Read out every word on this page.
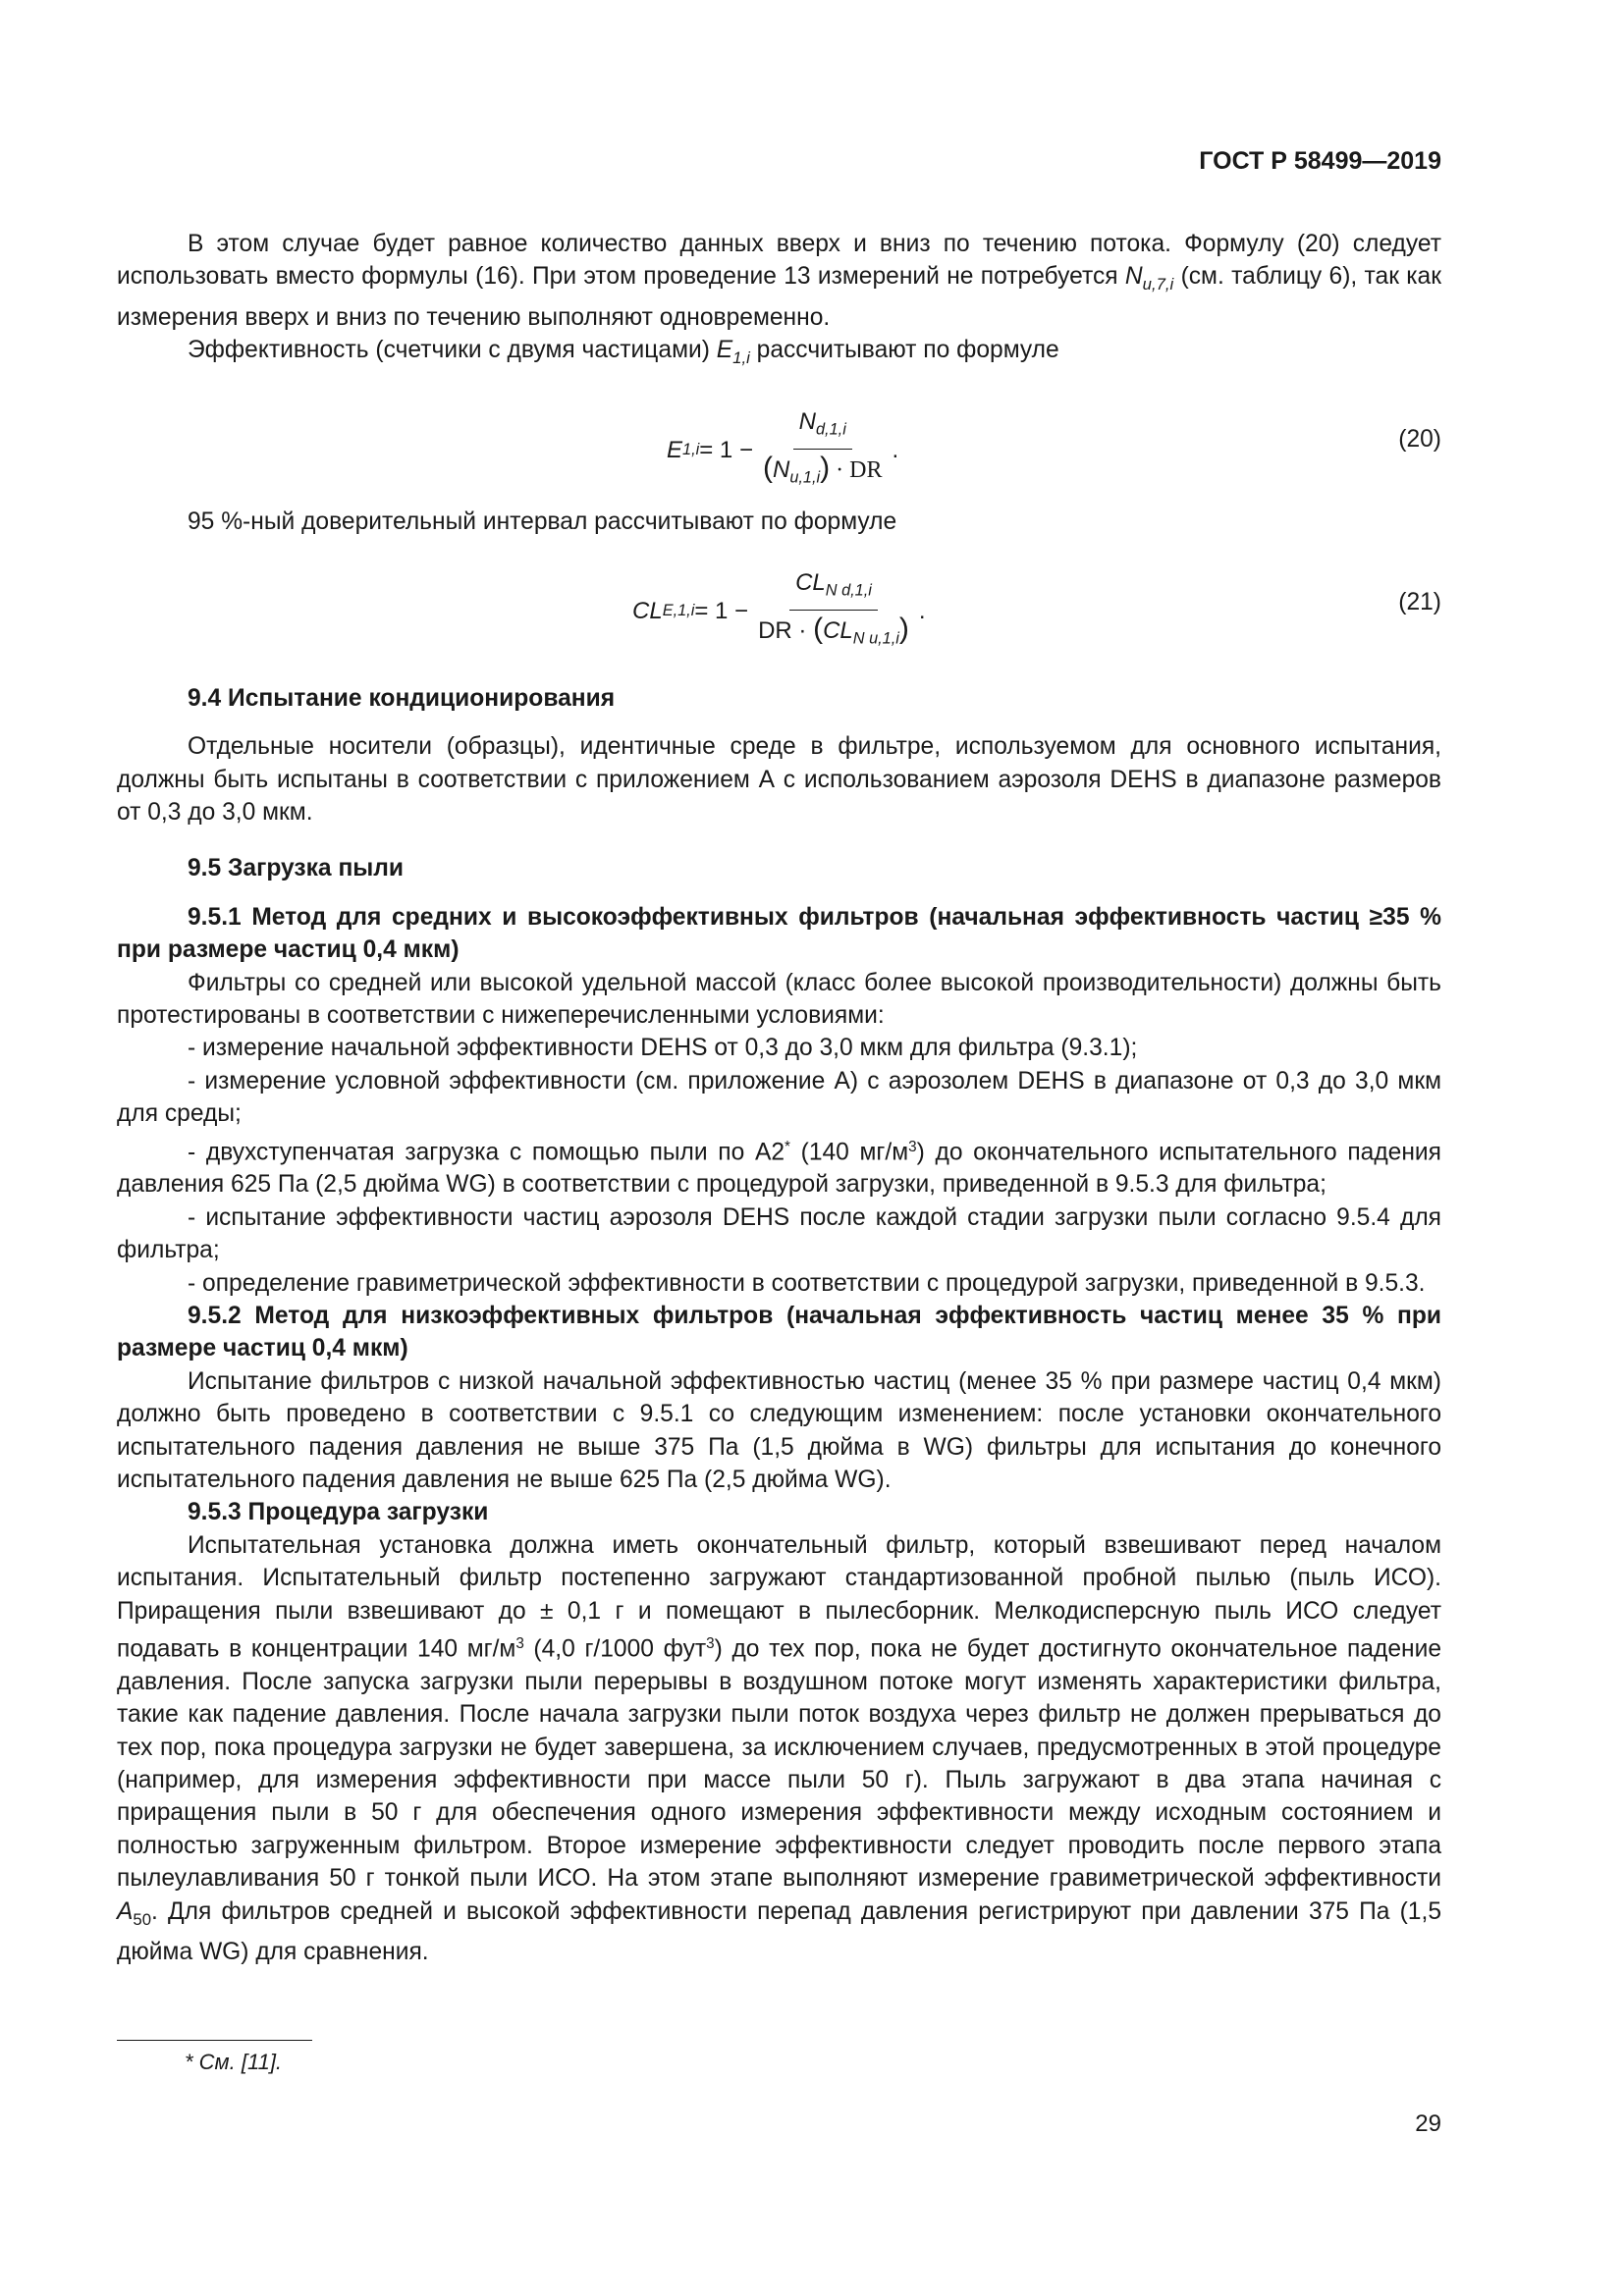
ГОСТ Р 58499—2019

В этом случае будет равное количество данных вверх и вниз по течению потока. Формулу (20) следует использовать вместо формулы (16). При этом проведение 13 измерений не потребуется $N_{u,7,i}$ (см. таблицу 6), так как измерения вверх и вниз по течению выполняют одновременно.

Эффективность (счетчики с двумя частицами) $E_{1,i}$ рассчитывают по формуле

E $1,i = 1 - \frac{N_{d,1,i}}{(N_{u,1,i}) \cdot DR}$ .	(20)

95 %-ный доверительный интервал рассчитывают по формуле

CL $E,1,i = 1 - \frac{CL_{N d,1,i}}{DR \cdot (CL_{N u,1,i})}$ .	(21)

9.4 Испытание кондиционирования

Отдельные носители (образцы), идентичные среде в фильтре, используемом для основного испытания, должны быть испытаны в соответствии с приложением А с использованием аэрозоля DEHS в диапазоне размеров от 0,3 до 3,0 мкм.

9.5 Загрузка пыли

9.5.1 Метод для средних и высокоэффективных фильтров (начальная эффективность частиц ≥35 % при размере частиц 0,4 мкм)

Фильтры со средней или высокой удельной массой (класс более высокой производительности) должны быть протестированы в соответствии с нижеперечисленными условиями:

- измерение начальной эффективности DEHS от 0,3 до 3,0 мкм для фильтра (9.3.1);

- измерение условной эффективности (см. приложение А) с аэрозолем DEHS в диапазоне от 0,3 до 3,0 мкм для среды;

- двухступенчатая загрузка с помощью пыли по А2* (140 $мг/м^3$) до окончательного испытательного падения давления 625 Па (2,5 дюйма WG) в соответствии с процедурой загрузки, приведенной в 9.5.3 для фильтра;

- испытание эффективности частиц аэрозоля DEHS после каждой стадии загрузки пыли согласно 9.5.4 для фильтра;

- определение гравиметрической эффективности в соответствии с процедурой загрузки, приведенной в 9.5.3.

9.5.2 Метод для низкоэффективных фильтров (начальная эффективность частиц менее 35 % при размере частиц 0,4 мкм)

Испытание фильтров с низкой начальной эффективностью частиц (менее 35 % при размере частиц 0,4 мкм) должно быть проведено в соответствии с 9.5.1 со следующим изменением: после установки окончательного испытательного падения давления не выше 375 Па (1,5 дюйма в WG) фильтры для испытания до конечного испытательного падения давления не выше 625 Па (2,5 дюйма WG).

9.5.3 Процедура загрузки

Испытательная установка должна иметь окончательный фильтр, который взвешивают перед началом испытания. Испытательный фильтр постепенно загружают стандартизованной пробной пылью (пыль ИСО). Приращения пыли взвешивают до ± 0,1 г и помещают в пылесборник. Мелкодисперсную пыль ИСО следует подавать в концентрации 140 $мг/м^3$ (4,0 г/1000 фут$^3$) до тех пор, пока не будет достигнуто окончательное падение давления. После запуска загрузки пыли перерывы в воздушном потоке могут изменять характеристики фильтра, такие как падение давления. После начала загрузки пыли поток воздуха через фильтр не должен прерываться до тех пор, пока процедура загрузки не будет завершена, за исключением случаев, предусмотренных в этой процедуре (например, для измерения эффективности при массе пыли 50 г). Пыль загружают в два этапа начиная с приращения пыли в 50 г для обеспечения одного измерения эффективности между исходным состоянием и полностью загруженным фильтром. Второе измерение эффективности следует проводить после первого этапа пылеулавливания 50 г тонкой пыли ИСО. На этом этапе выполняют измерение гравиметрической эффективности $A_{50}$. Для фильтров средней и высокой эффективности перепад давления регистрируют при давлении 375 Па (1,5 дюйма WG) для сравнения.

* См. [11].
29
